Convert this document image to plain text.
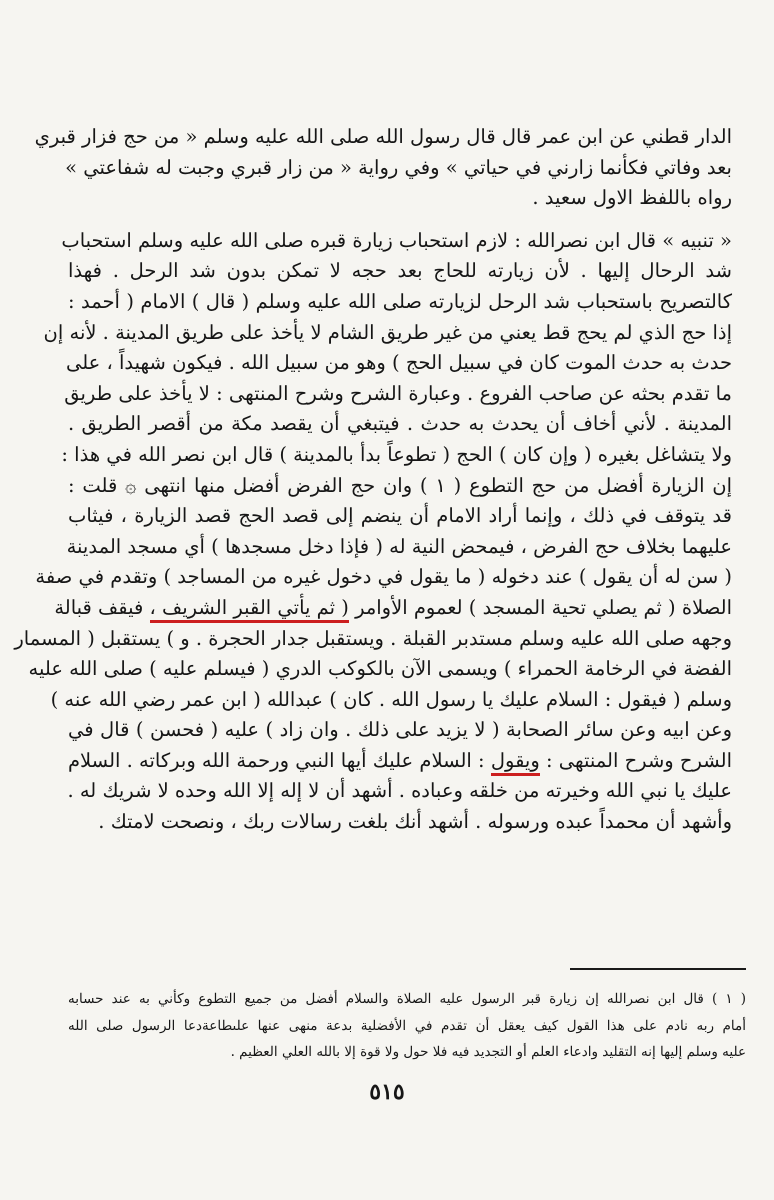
الدار قطني عن ابن عمر قال قال رسول الله صلى الله عليه وسلم « من حج فزار قبري
بعد وفاتي فكأنما زارني في حياتي » وفي رواية « من زار قبري وجبت له شفاعتي »
رواه باللفظ الاول سعيد .
« تنبيه » قال ابن نصرالله : لازم استحباب زيارة قبره صلى الله عليه وسلم استحباب
شد الرحال إليها . لأن زيارته للحاج بعد حجه لا تمكن بدون شد الرحل . فهذا
كالتصريح باستحباب شد الرحل لزيارته صلى الله عليه وسلم ( قال ) الامام ( أحمد :
إذا حج الذي لم يحج قط يعني من غير طريق الشام لا يأخذ على طريق المدينة . لأنه إن
حدث به حدث الموت كان في سبيل الحج ) وهو من سبيل الله . فيكون شهيداً ، على
ما تقدم بحثه عن صاحب الفروع . وعبارة الشرح وشرح المنتهى : لا يأخذ على طريق
المدينة . لأني أخاف أن يحدث به حدث . فيتبغي أن يقصد مكة من أقصر الطريق .
ولا يتشاغل بغيره ( وإن كان ) الحج ( تطوعاً بدأ بالمدينة ) قال ابن نصر الله في هذا :
إن الزيارة أفضل من حج التطوع ( ١ ) وان حج الفرض أفضل منها انتهى ۞ قلت :
قد يتوقف في ذلك ، وإنما أراد الامام أن ينضم إلى قصد الحج قصد الزيارة ، فيثاب
عليهما بخلاف حج الفرض ، فيمحض النية له ( فإذا دخل مسجدها ) أي مسجد المدينة
( سن له أن يقول ) عند دخوله ( ما يقول في دخول غيره من المساجد ) وتقدم في صفة
الصلاة ( ثم يصلي تحية المسجد ) لعموم الأوامر ( ثم يأتي القبر الشريف ، فيقف قبالة
وجهه صلى الله عليه وسلم مستدبر القبلة . ويستقبل جدار الحجرة . و ) يستقبل ( المسمار
الفضة في الرخامة الحمراء ) ويسمى الآن بالكوكب الدري ( فيسلم عليه ) صلى الله عليه
وسلم ( فيقول : السلام عليك يا رسول الله . كان ) عبدالله ( ابن عمر رضي الله عنه )
وعن ابيه وعن سائر الصحابة ( لا يزيد على ذلك . وان زاد ) عليه ( فحسن ) قال في
الشرح وشرح المنتهى : ويقول : السلام عليك أيها النبي ورحمة الله وبركاته . السلام
عليك يا نبي الله وخيرته من خلقه وعباده . أشهد أن لا إله إلا الله وحده لا شريك له .
وأشهد أن محمداً عبده ورسوله . أشهد أنك بلغت رسالات ربك ، ونصحت لامتك .
( ١ ) قال ابن نصرالله إن زيارة قبر الرسول عليه الصلاة والسلام أفضل من جميع التطوع وكأني به عند حسابه
أمام ربه نادم على هذا القول كيف يعقل أن تقدم في الأفضلية بدعة منهى عنها علىطاعةدعا الرسول صلى الله
عليه وسلم إليها إنه التقليد وادعاء العلم أو التجديد فيه فلا حول ولا قوة إلا بالله العلي العظيم .
٥١٥
